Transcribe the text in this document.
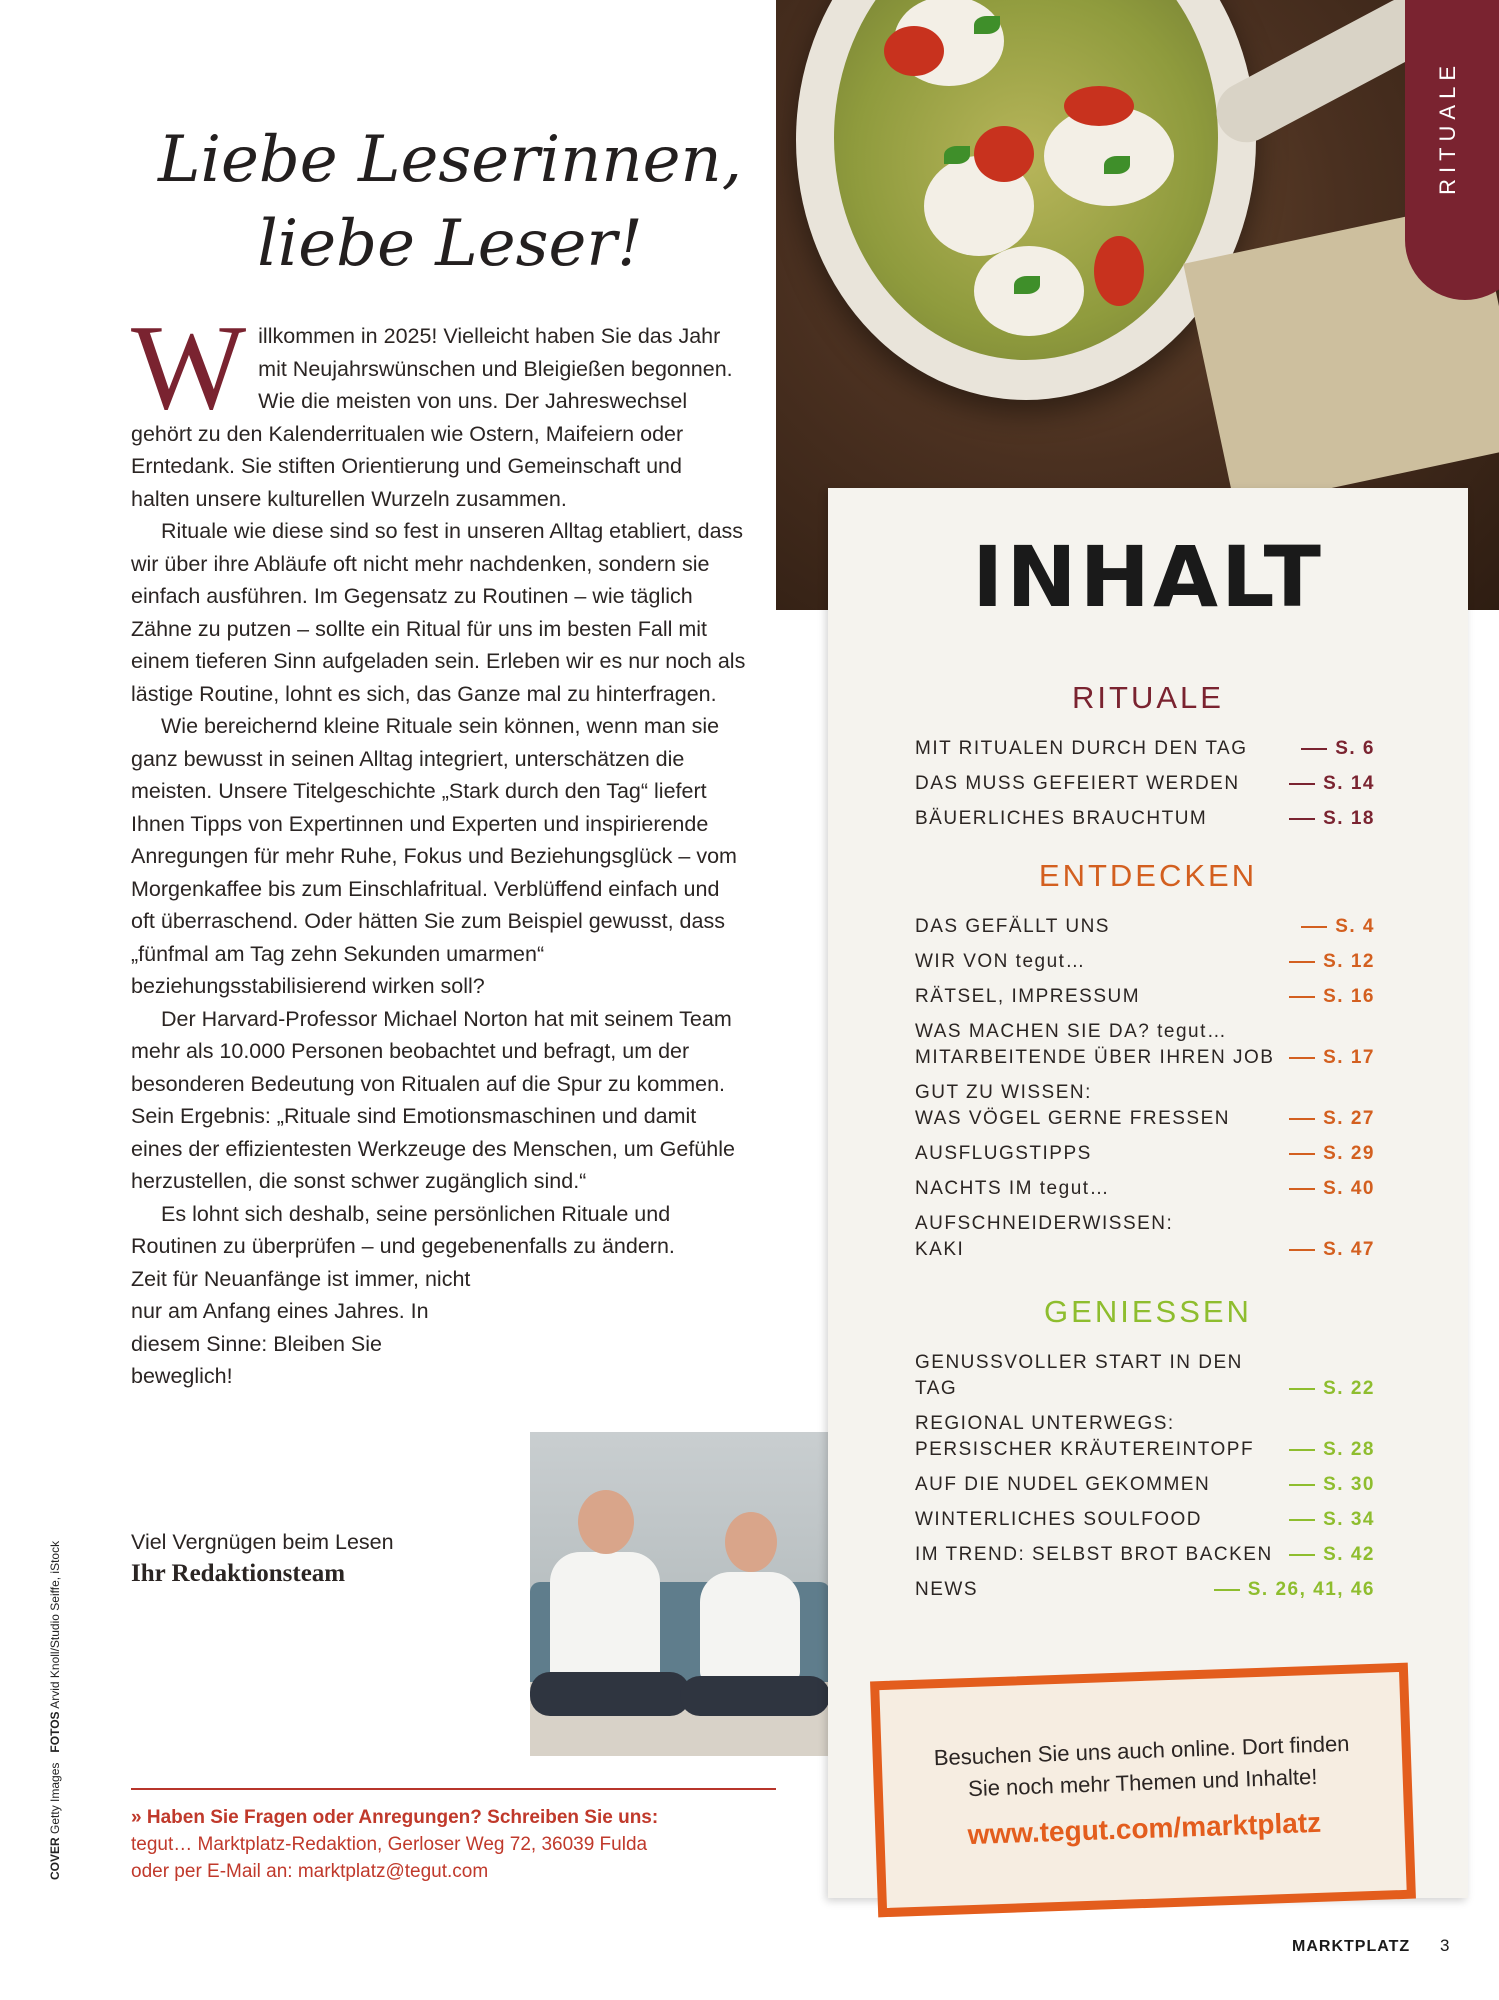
RITUALE
Liebe Leserinnen,
liebe Leser!

Willkommen in 2025! Vielleicht haben Sie das Jahr mit Neujahrswünschen und Bleigießen begonnen. Wie die meisten von uns. Der Jahreswechsel gehört zu den Kalenderritualen wie Ostern, Maifeiern oder Erntedank. Sie stiften Orientierung und Gemeinschaft und halten unsere kulturellen Wurzeln zusammen.

Rituale wie diese sind so fest in unseren Alltag etabliert, dass wir über ihre Abläufe oft nicht mehr nachdenken, sondern sie einfach ausführen. Im Gegensatz zu Routinen – wie täglich Zähne zu putzen – sollte ein Ritual für uns im besten Fall mit einem tieferen Sinn aufgeladen sein. Erleben wir es nur noch als lästige Routine, lohnt es sich, das Ganze mal zu hinterfragen.

Wie bereichernd kleine Rituale sein können, wenn man sie ganz bewusst in seinen Alltag integriert, unterschätzen die meisten. Unsere Titelgeschichte „Stark durch den Tag“ liefert Ihnen Tipps von Expertinnen und Experten und inspirierende Anregungen für mehr Ruhe, Fokus und Beziehungsglück – vom Morgenkaffee bis zum Einschlafritual. Verblüffend einfach und oft überraschend. Oder hätten Sie zum Beispiel gewusst, dass „fünfmal am Tag zehn Sekunden umarmen“ beziehungsstabilisierend wirken soll?

Der Harvard-Professor Michael Norton hat mit seinem Team mehr als 10.000 Personen beobachtet und befragt, um der besonderen Bedeutung von Ritualen auf die Spur zu kommen. Sein Ergebnis: „Rituale sind Emotionsmaschinen und damit eines der effizientesten Werkzeuge des Menschen, um Gefühle herzustellen, die sonst schwer zugänglich sind.“

Es lohnt sich deshalb, seine persönlichen Rituale und Routinen zu überprüfen – und gegebenenfalls zu ändern.

Zeit für Neuanfänge ist immer, nicht nur am Anfang eines Jahres. In diesem Sinne: Bleiben Sie beweglich!

Viel Vergnügen beim Lesen
Ihr Redaktionsteam
» Haben Sie Fragen oder Anregungen? Schreiben Sie uns:
tegut… Marktplatz-Redaktion, Gerloser Weg 72, 36039 Fulda
oder per E-Mail an: marktplatz@tegut.com
COVER Getty Images   FOTOS Arvid Knoll/Studio Seiffe, iStock
INHALT
RITUALE
MIT RITUALEN DURCH DEN TAG	S. 6
DAS MUSS GEFEIERT WERDEN	S. 14
BÄUERLICHES BRAUCHTUM	S. 18
ENTDECKEN
DAS GEFÄLLT UNS	S. 4
WIR VON tegut…	S. 12
RÄTSEL, IMPRESSUM	S. 16
WAS MACHEN SIE DA? tegut…
MITARBEITENDE ÜBER IHREN JOB	S. 17
GUT ZU WISSEN:
WAS VÖGEL GERNE FRESSEN	S. 27
AUSFLUGSTIPPS	S. 29
NACHTS IM tegut…	S. 40
AUFSCHNEIDERWISSEN:
KAKI	S. 47
GENIESSEN
GENUSSVOLLER START IN DEN TAG	S. 22
REGIONAL UNTERWEGS:
PERSISCHER KRÄUTEREINTOPF	S. 28
AUF DIE NUDEL GEKOMMEN	S. 30
WINTERLICHES SOULFOOD	S. 34
IM TREND: SELBST BROT BACKEN	S. 42
NEWS	S. 26, 41, 46
Besuchen Sie uns auch online. Dort finden
Sie noch mehr Themen und Inhalte!
www.tegut.com/marktplatz
MARKTPLATZ 3
